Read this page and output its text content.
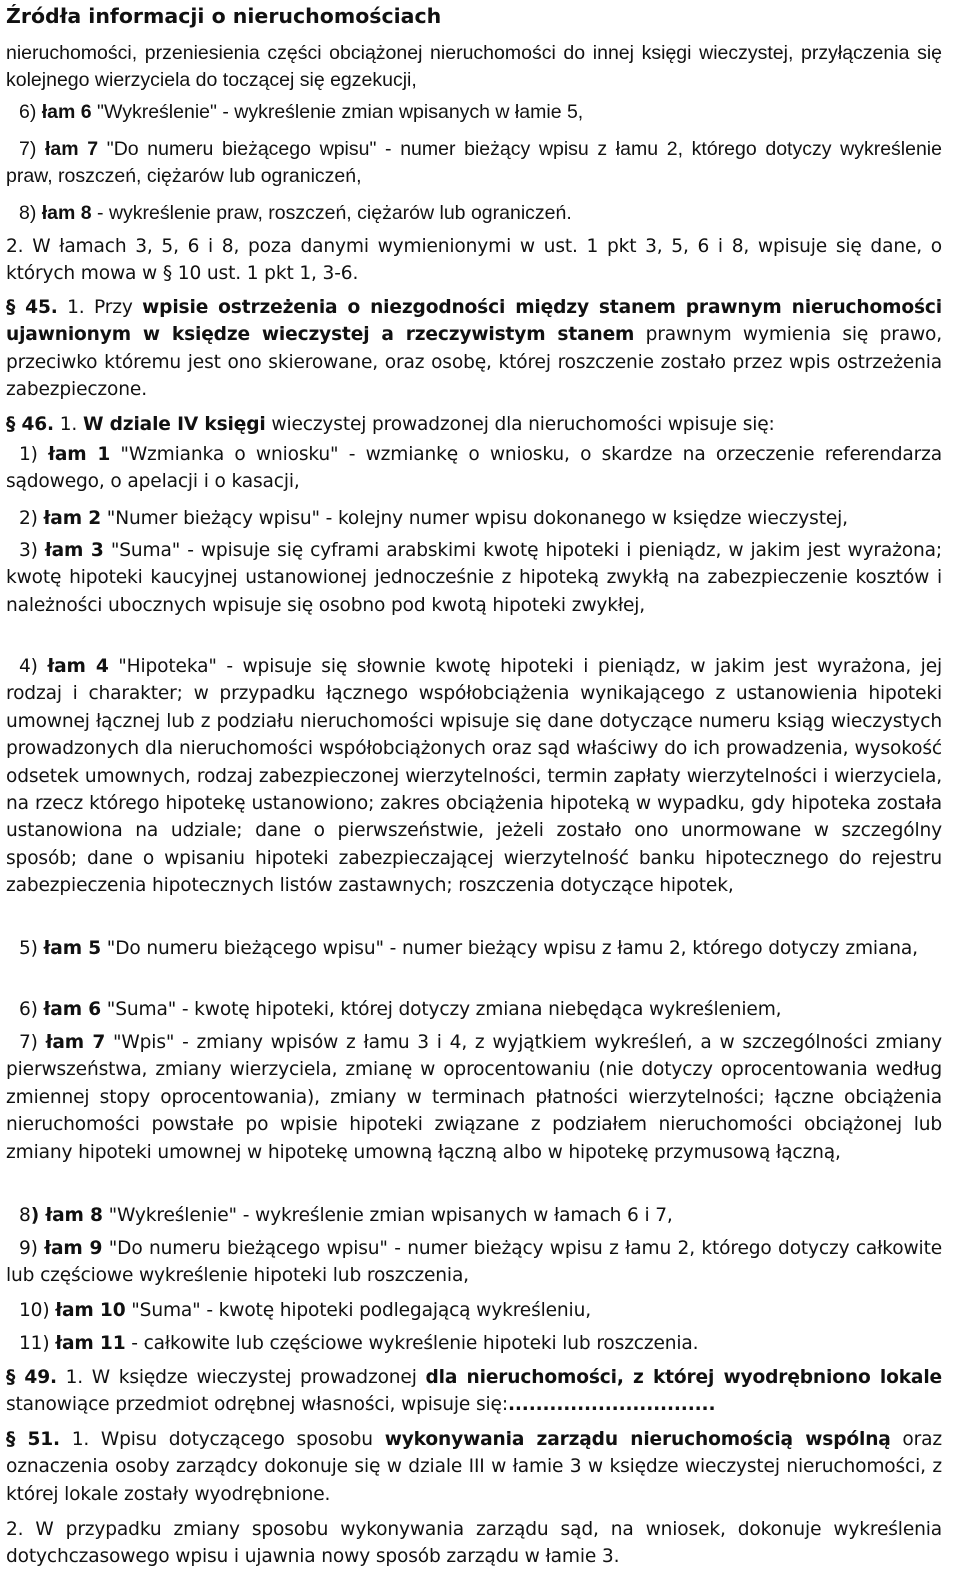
Źródła informacji o nieruchomościach
nieruchomości, przeniesienia części obciążonej nieruchomości do innej księgi wieczystej, przyłączenia się kolejnego wierzyciela do toczącej się egzekucji,
6) łam 6 "Wykreślenie" - wykreślenie zmian wpisanych w łamie 5,
7) łam 7 "Do numeru bieżącego wpisu" - numer bieżący wpisu z łamu 2, którego dotyczy wykreślenie praw, roszczeń, ciężarów lub ograniczeń,
8) łam 8 - wykreślenie praw, roszczeń, ciężarów lub ograniczeń.
2. W łamach 3, 5, 6 i 8, poza danymi wymienionymi w ust. 1 pkt 3, 5, 6 i 8, wpisuje się dane, o których mowa w § 10 ust. 1 pkt 1, 3-6.
§ 45. 1. Przy wpisie ostrzeżenia o niezgodności między stanem prawnym nieruchomości ujawnionym w księdze wieczystej a rzeczywistym stanem prawnym wymienia się prawo, przeciwko któremu jest ono skierowane, oraz osobę, której roszczenie zostało przez wpis ostrzeżenia zabezpieczone.
§ 46. 1. W dziale IV księgi wieczystej prowadzonej dla nieruchomości wpisuje się:
1) łam 1 "Wzmianka o wniosku" - wzmiankę o wniosku, o skardze na orzeczenie referendarza sądowego, o apelacji i o kasacji,
2) łam 2 "Numer bieżący wpisu" - kolejny numer wpisu dokonanego w księdze wieczystej,
3) łam 3 "Suma" - wpisuje się cyframi arabskimi kwotę hipoteki i pieniądz, w jakim jest wyrażona; kwotę hipoteki kaucyjnej ustanowionej jednocześnie z hipoteką zwykłą na zabezpieczenie kosztów i należności ubocznych wpisuje się osobno pod kwotą hipoteki zwykłej,
4) łam 4 "Hipoteka" - wpisuje się słownie kwotę hipoteki i pieniądz, w jakim jest wyrażona, jej rodzaj i charakter; w przypadku łącznego współobciążenia wynikającego z ustanowienia hipoteki umownej łącznej lub z podziału nieruchomości wpisuje się dane dotyczące numeru ksiąg wieczystych prowadzonych dla nieruchomości współobciążonych oraz sąd właściwy do ich prowadzenia, wysokość odsetek umownych, rodzaj zabezpieczonej wierzytelności, termin zapłaty wierzytelności i wierzyciela, na rzecz którego hipotekę ustanowiono; zakres obciążenia hipoteką w wypadku, gdy hipoteka została ustanowiona na udziale; dane o pierwszeństwie, jeżeli zostało ono unormowane w szczególny sposób; dane o wpisaniu hipoteki zabezpieczającej wierzytelność banku hipotecznego do rejestru zabezpieczenia hipotecznych listów zastawnych; roszczenia dotyczące hipotek,
5) łam 5 "Do numeru bieżącego wpisu" - numer bieżący wpisu z łamu 2, którego dotyczy zmiana,
6) łam 6 "Suma" - kwotę hipoteki, której dotyczy zmiana niebędąca wykreśleniem,
7) łam 7 "Wpis" - zmiany wpisów z łamu 3 i 4, z wyjątkiem wykreśleń, a w szczególności zmiany pierwszeństwa, zmiany wierzyciela, zmianę w oprocentowaniu (nie dotyczy oprocentowania według zmiennej stopy oprocentowania), zmiany w terminach płatności wierzytelności; łączne obciążenia nieruchomości powstałe po wpisie hipoteki związane z podziałem nieruchomości obciążonej lub zmiany hipoteki umownej w hipotekę umowną łączną albo w hipotekę przymusową łączną,
8) łam 8 "Wykreślenie" - wykreślenie zmian wpisanych w łamach 6 i 7,
9) łam 9 "Do numeru bieżącego wpisu" - numer bieżący wpisu z łamu 2, którego dotyczy całkowite lub częściowe wykreślenie hipoteki lub roszczenia,
10) łam 10 "Suma" - kwotę hipoteki podlegającą wykreśleniu,
11) łam 11 - całkowite lub częściowe wykreślenie hipoteki lub roszczenia.
§ 49. 1. W księdze wieczystej prowadzonej dla nieruchomości, z której wyodrębniono lokale stanowiące przedmiot odrębnej własności, wpisuje się:..............................
§ 51. 1. Wpisu dotyczącego sposobu wykonywania zarządu nieruchomością wspólną oraz oznaczenia osoby zarządcy dokonuje się w dziale III w łamie 3 w księdze wieczystej nieruchomości, z której lokale zostały wyodrębnione.
2. W przypadku zmiany sposobu wykonywania zarządu sąd, na wniosek, dokonuje wykreślenia dotychczasowego wpisu i ujawnia nowy sposób zarządu w łamie 3.
